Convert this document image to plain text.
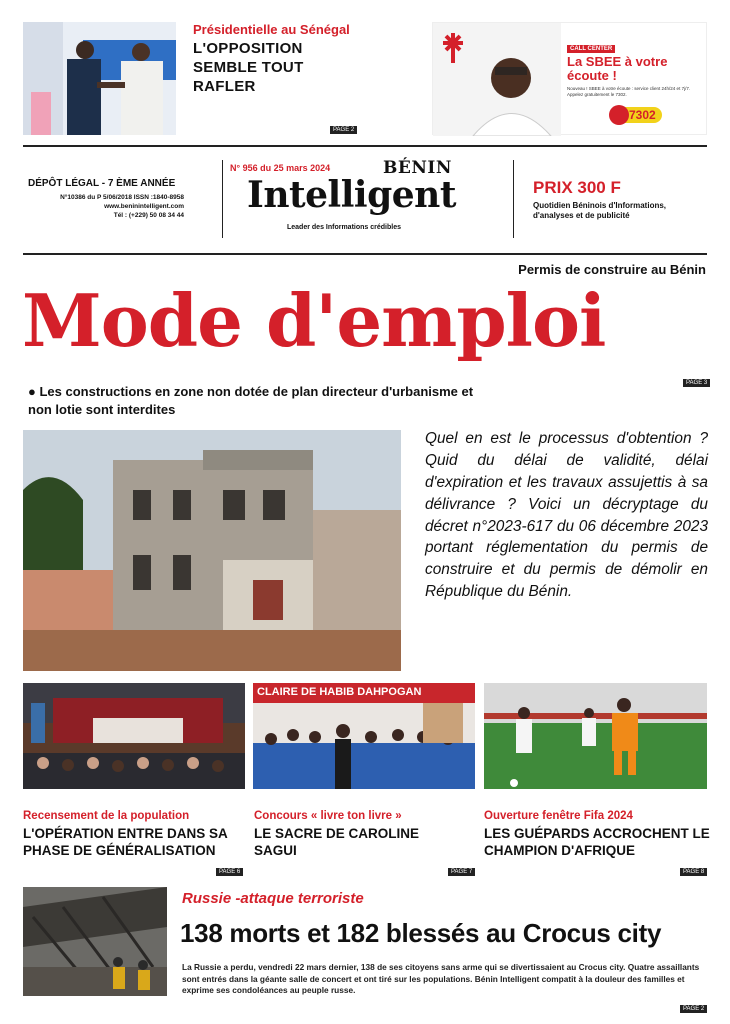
Présidentielle au Sénégal
L'OPPOSITION
SEMBLE TOUT
RAFLER
PAGE 2
CALL CENTER
La SBEE à votre écoute !
Nouveau ! SBEE à votre écoute : service client 24h/24 et 7j/7. Appelez gratuitement le 7302.
7302
DÉPÔT LÉGAL - 7 ÈME ANNÉE
N°10386 du P 5/06/2018 ISSN :1840-8958
www.beninintelligent.com
Tél : (+229) 50 08 34 44
N° 956 du 25 mars 2024	BÉNIN
Intelligent
Leader des Informations crédibles
PRIX 300 F
Quotidien Béninois d'Informations, d'analyses et de publicité
Permis de construire au Bénin
Mode d'emploi
PAGE 3
● Les constructions en zone non dotée de plan directeur d'urbanisme et non lotie sont interdites
Quel en est le processus d'obtention ? Quid du délai de validité, délai d'expiration et les travaux assujettis à sa délivrance ? Voici un décryptage du décret n°2023-617 du 06 décembre 2023 portant réglementation du permis de construire et du permis de démolir en République du Bénin.
CLAIRE DE HABIB DAHPOGAN
Recensement de la population
L'OPÉRATION ENTRE DANS SA PHASE DE GÉNÉRALISATION
PAGE 6
Concours « livre ton livre »
LE SACRE DE CAROLINE SAGUI
PAGE 7
Ouverture fenêtre Fifa 2024
LES GUÉPARDS ACCROCHENT LE CHAMPION D'AFRIQUE
PAGE 8
Russie -attaque terroriste
138 morts et 182 blessés au Crocus city
La Russie a perdu, vendredi 22 mars dernier, 138 de ses citoyens sans arme qui se divertissaient au Crocus city. Quatre assaillants sont entrés dans la géante salle de concert et ont tiré sur les populations. Bénin Intelligent compatit à la douleur des familles et exprime ses condoléances au peuple russe.
PAGE 2
